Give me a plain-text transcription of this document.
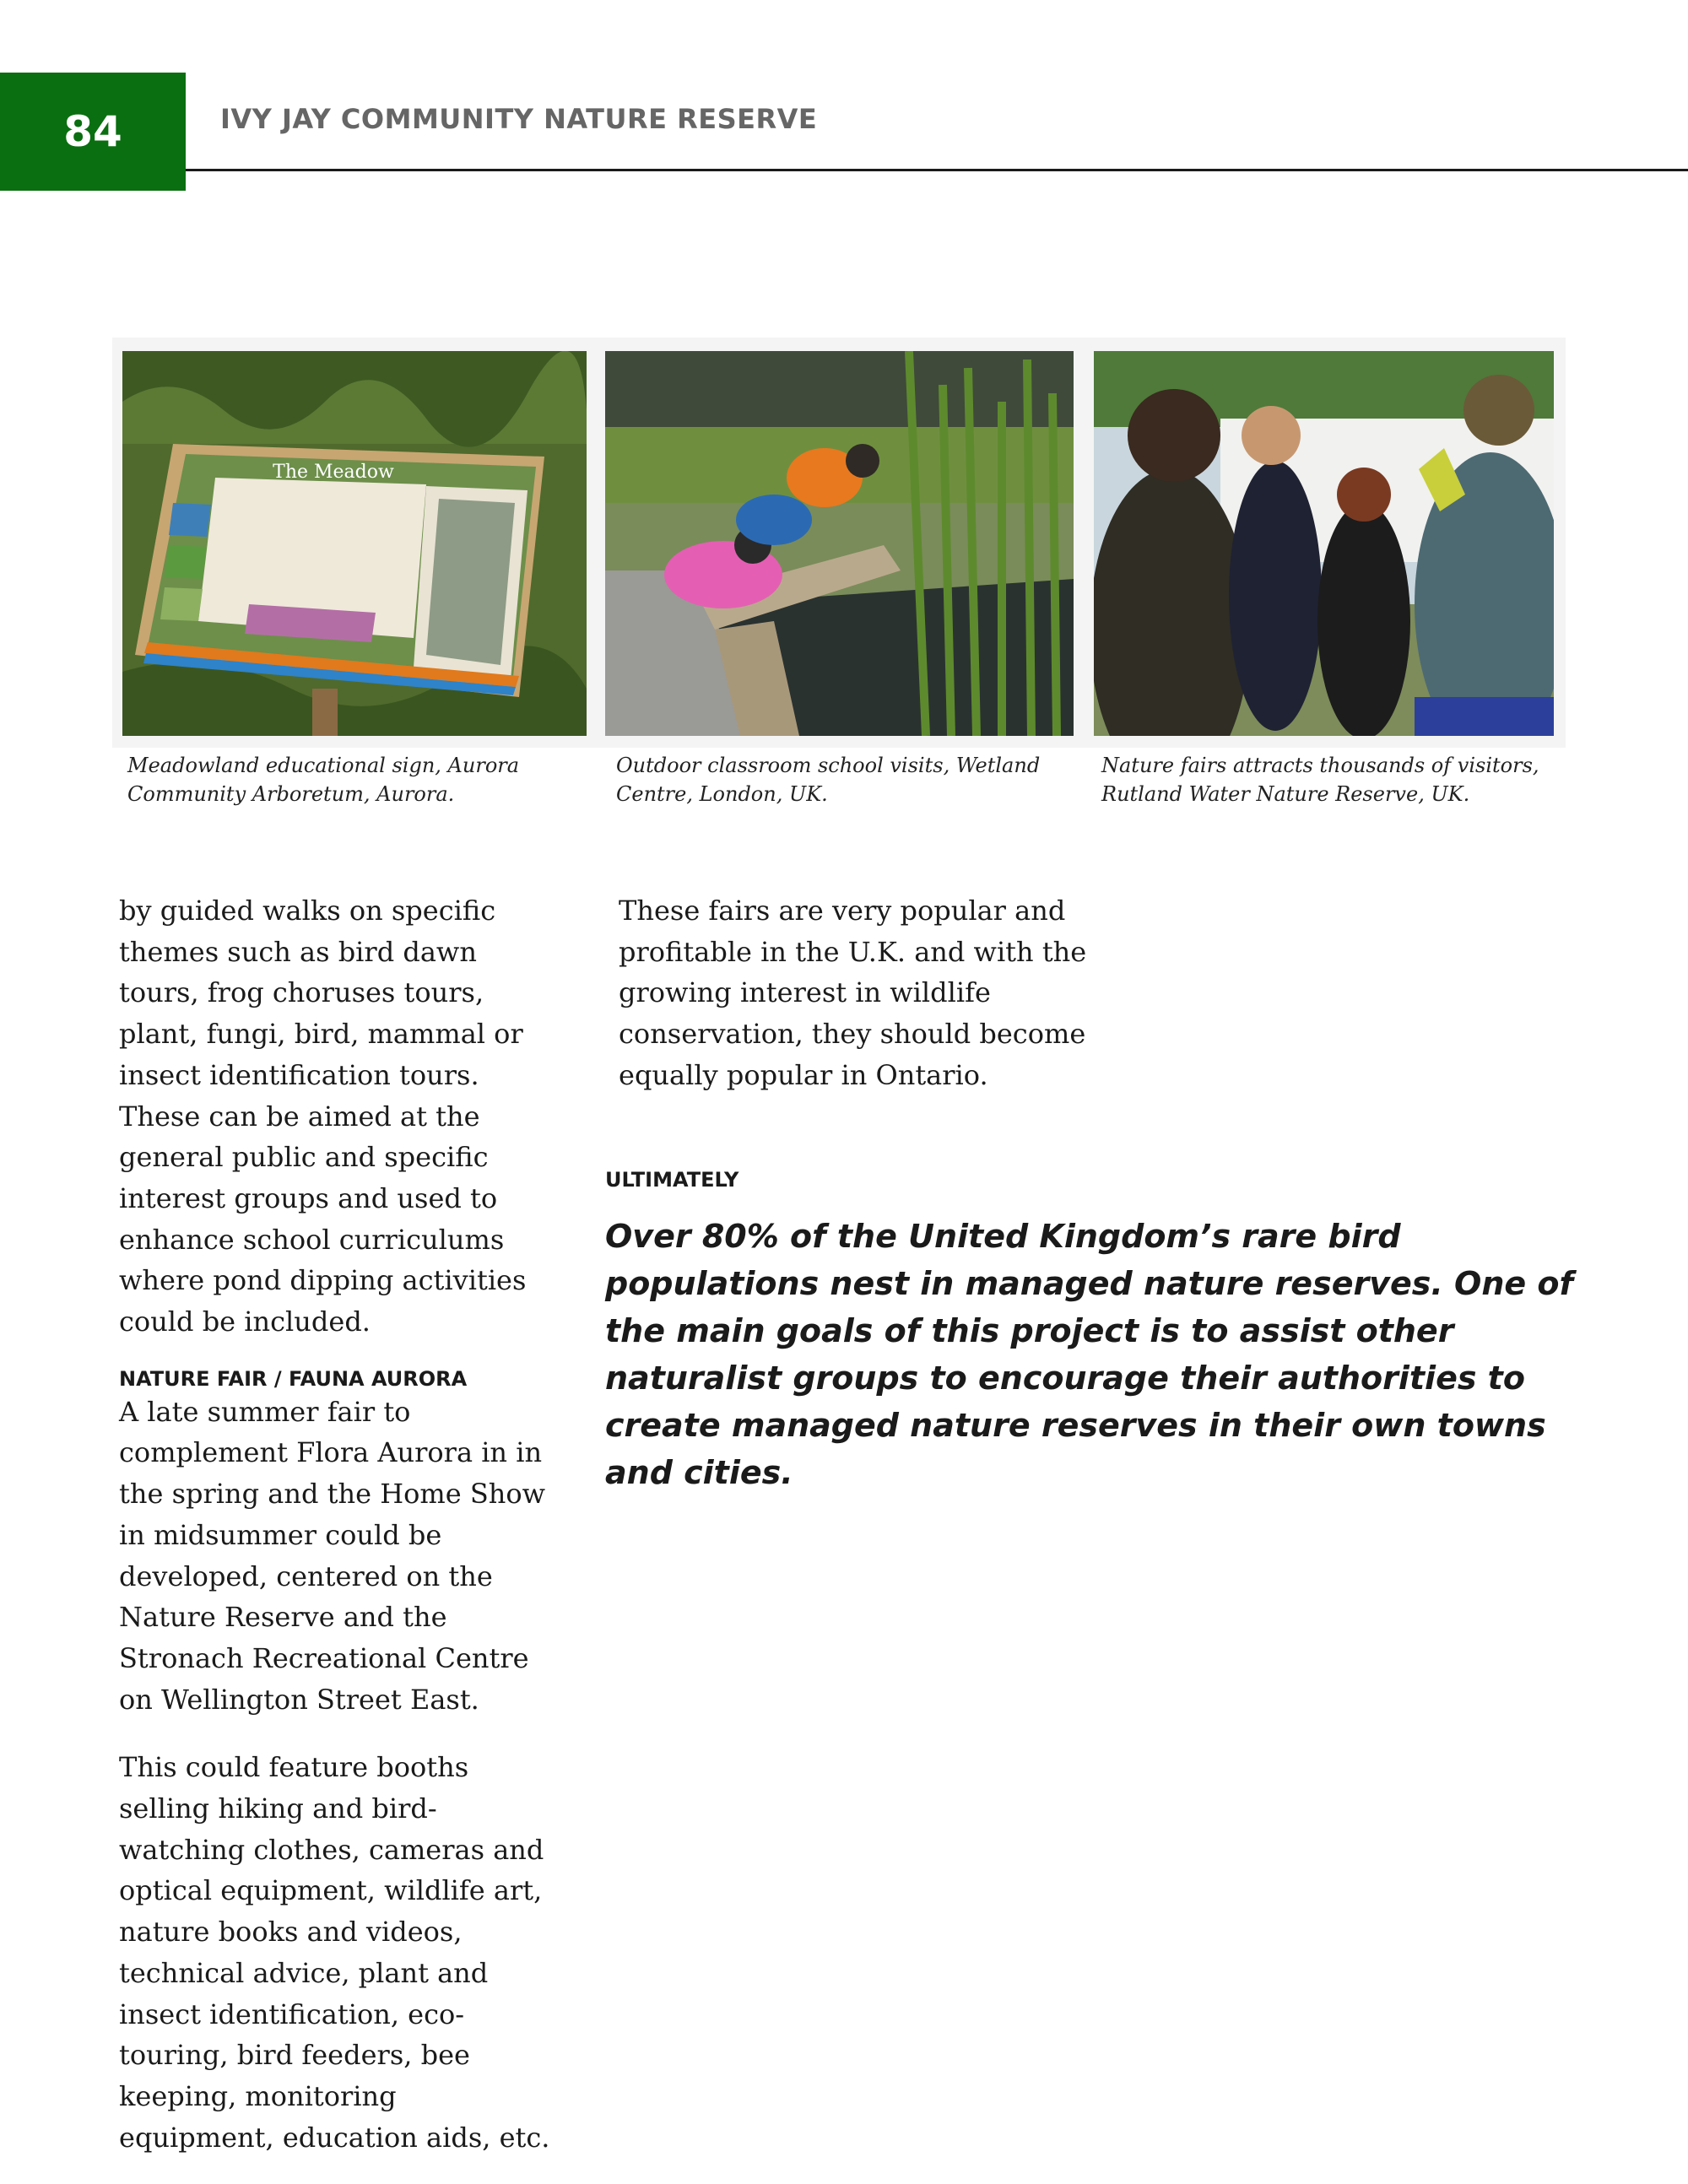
84	IVY JAY COMMUNITY NATURE RESERVE
The Meadow
Meadowland educational sign, Aurora Community Arboretum, Aurora.
Outdoor classroom school visits, Wetland Centre, London, UK.
Nature fairs attracts thousands of visitors, Rutland Water Nature Reserve, UK.

by guided walks on specific themes such as bird dawn tours, frog choruses tours, plant, fungi, bird, mammal or insect identification tours. These can be aimed at the general public and specific interest groups and used to enhance school curriculums where pond dipping activities could be included.

NATURE FAIR / FAUNA AURORA

A late summer fair to complement Flora Aurora in in the spring and the Home Show in midsummer could be developed, centered on the Nature Reserve and the Stronach Recreational Centre on Wellington Street East.

This could feature booths selling hiking and bird-watching clothes, cameras and optical equipment, wildlife art, nature books and videos, technical advice, plant and insect identification, eco-touring, bird feeders, bee keeping, monitoring equipment, education aids, etc.

These fairs are very popular and profitable in the U.K. and with the growing interest in wildlife conservation, they should become equally popular in Ontario.

ULTIMATELY

Over 80% of the United Kingdom’s rare bird populations nest in managed nature reserves. One of the main goals of this project is to assist other naturalist groups to encourage their authorities to create managed nature reserves in their own towns and cities.
